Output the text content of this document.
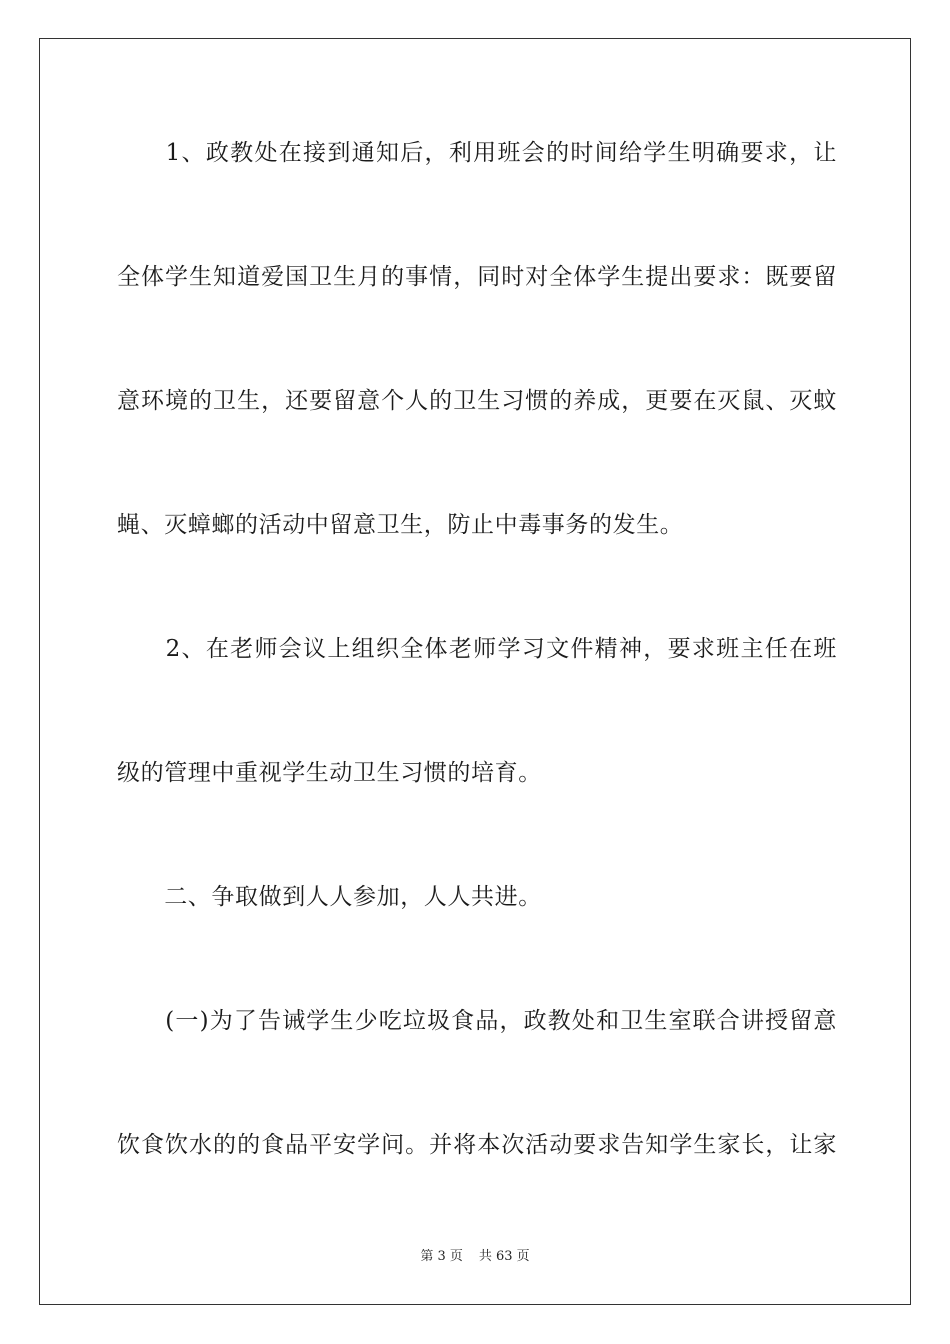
　　1、政教处在接到通知后，利用班会的时间给学生明确要求，让
全体学生知道爱国卫生月的事情，同时对全体学生提出要求：既要留
意环境的卫生，还要留意个人的卫生习惯的养成，更要在灭鼠、灭蚊
蝇、灭蟑螂的活动中留意卫生，防止中毒事务的发生。
　　2、在老师会议上组织全体老师学习文件精神，要求班主任在班
级的管理中重视学生动卫生习惯的培育。
　　二、争取做到人人参加，人人共进。
　　(一)为了告诫学生少吃垃圾食品，政教处和卫生室联合讲授留意
饮食饮水的的食品平安学问。并将本次活动要求告知学生家长，让家
第 3 页 共 63 页
